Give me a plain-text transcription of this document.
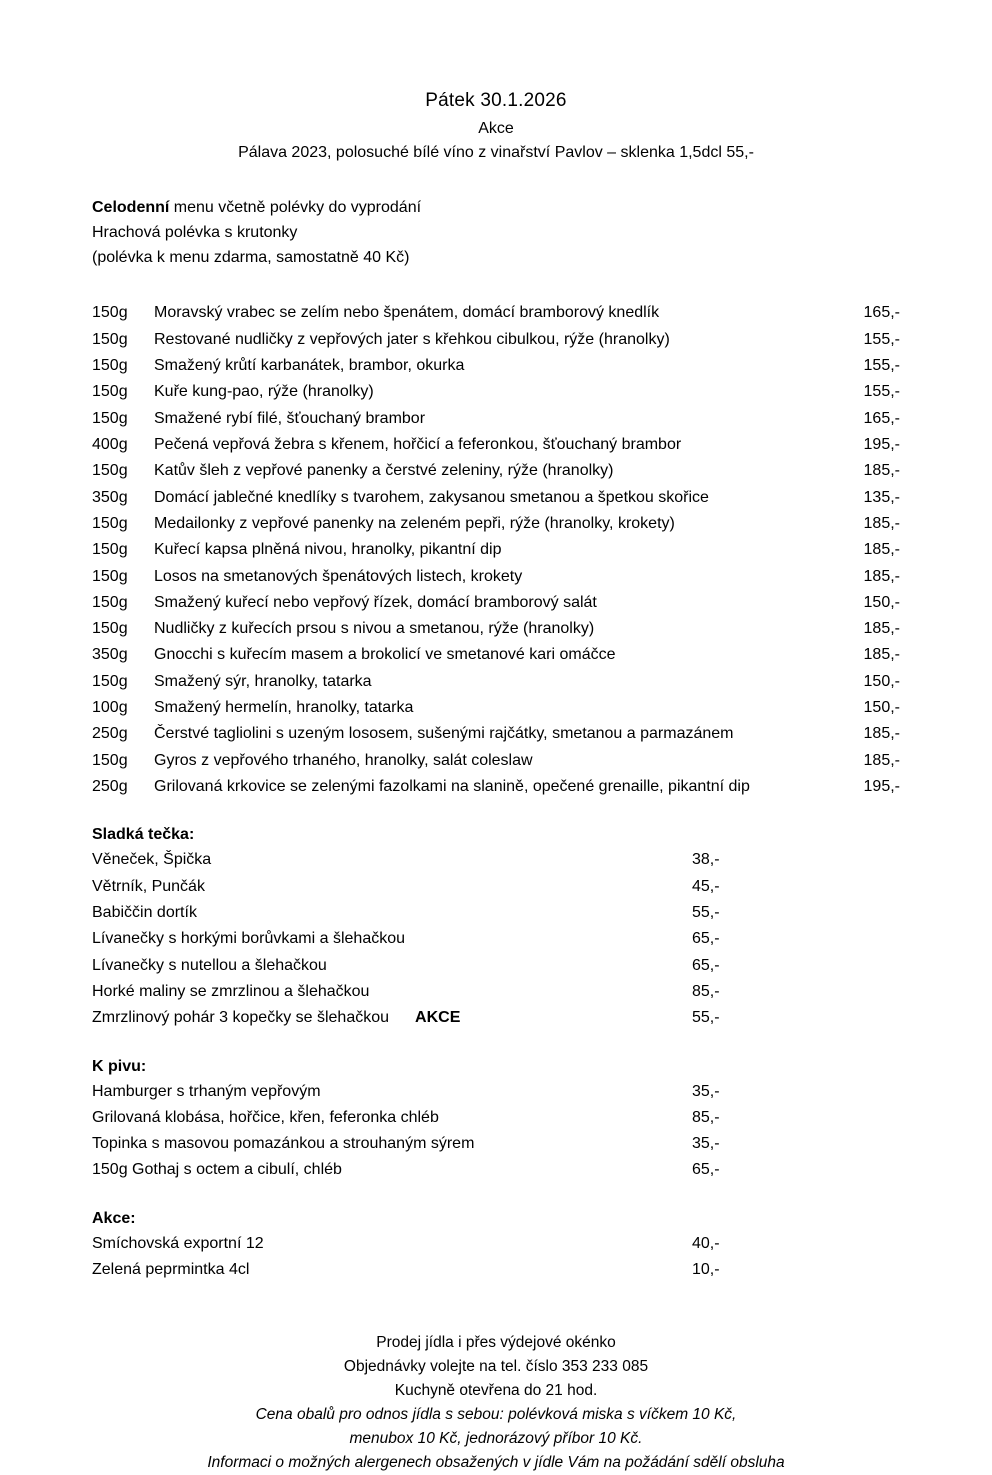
Pátek 30.1.2026
Akce
Pálava 2023, polosuché bílé víno z vinařství Pavlov – sklenka 1,5dcl 55,-
Celodenní menu včetně polévky do vyprodání
Hrachová polévka s krutonky
(polévka k menu zdarma, samostatně 40 Kč)
150g	Moravský vrabec se zelím nebo špenátem, domácí bramborový knedlík	165,-
150g	Restované nudličky z vepřových jater s křehkou cibulkou, rýže (hranolky)	155,-
150g	Smažený krůtí karbanátek, brambor, okurka	155,-
150g	Kuře kung-pao, rýže (hranolky)	155,-
150g	Smažené rybí filé, šťouchaný brambor	165,-
400g	Pečená vepřová žebra s křenem, hořčicí a feferonkou, šťouchaný brambor	195,-
150g	Katův šleh z vepřové panenky a čerstvé zeleniny, rýže (hranolky)	185,-
350g	Domácí jablečné knedlíky s tvarohem, zakysanou smetanou a špetkou skořice	135,-
150g	Medailonky z vepřové panenky na zeleném pepři, rýže (hranolky, krokety)	185,-
150g	Kuřecí kapsa plněná nivou, hranolky, pikantní dip	185,-
150g	Losos na smetanových špenátových listech, krokety	185,-
150g	Smažený kuřecí nebo vepřový řízek, domácí bramborový salát	150,-
150g	Nudličky z kuřecích prsou s nivou a smetanou, rýže (hranolky)	185,-
350g	Gnocchi s kuřecím masem a brokolicí ve smetanové kari omáčce	185,-
150g	Smažený sýr, hranolky, tatarka	150,-
100g	Smažený hermelín, hranolky, tatarka	150,-
250g	Čerstvé tagliolini s uzeným lososem, sušenými rajčátky, smetanou a parmazánem	185,-
150g	Gyros z vepřového trhaného, hranolky, salát coleslaw	185,-
250g	Grilovaná krkovice se zelenými fazolkami na slanině, opečené grenaille, pikantní dip	195,-
Sladká tečka:
Věneček, Špička	38,-
Větrník, Punčák	45,-
Babiččin dortík	55,-
Lívanečky s horkými borůvkami a šlehačkou	65,-
Lívanečky s nutellou a šlehačkou	65,-
Horké maliny se zmrzlinou a šlehačkou	85,-
Zmrzlinový pohár 3 kopečky se šlehačkou AKCE	55,-
K pivu:
Hamburger s trhaným vepřovým	35,-
Grilovaná klobása, hořčice, křen, feferonka chléb	85,-
Topinka s masovou pomazánkou a strouhaným sýrem	35,-
150g Gothaj s octem a cibulí, chléb	65,-
Akce:
Smíchovská exportní 12	40,-
Zelená peprmintka 4cl	10,-
Prodej jídla i přes výdejové okénko
Objednávky volejte na tel. číslo 353 233 085
Kuchyně otevřena do 21 hod.
Cena obalů pro odnos jídla s sebou: polévková miska s víčkem 10 Kč,
menubox 10 Kč, jednorázový příbor 10 Kč.
Informaci o možných alergenech obsažených v jídle Vám na požádání sdělí obsluha
